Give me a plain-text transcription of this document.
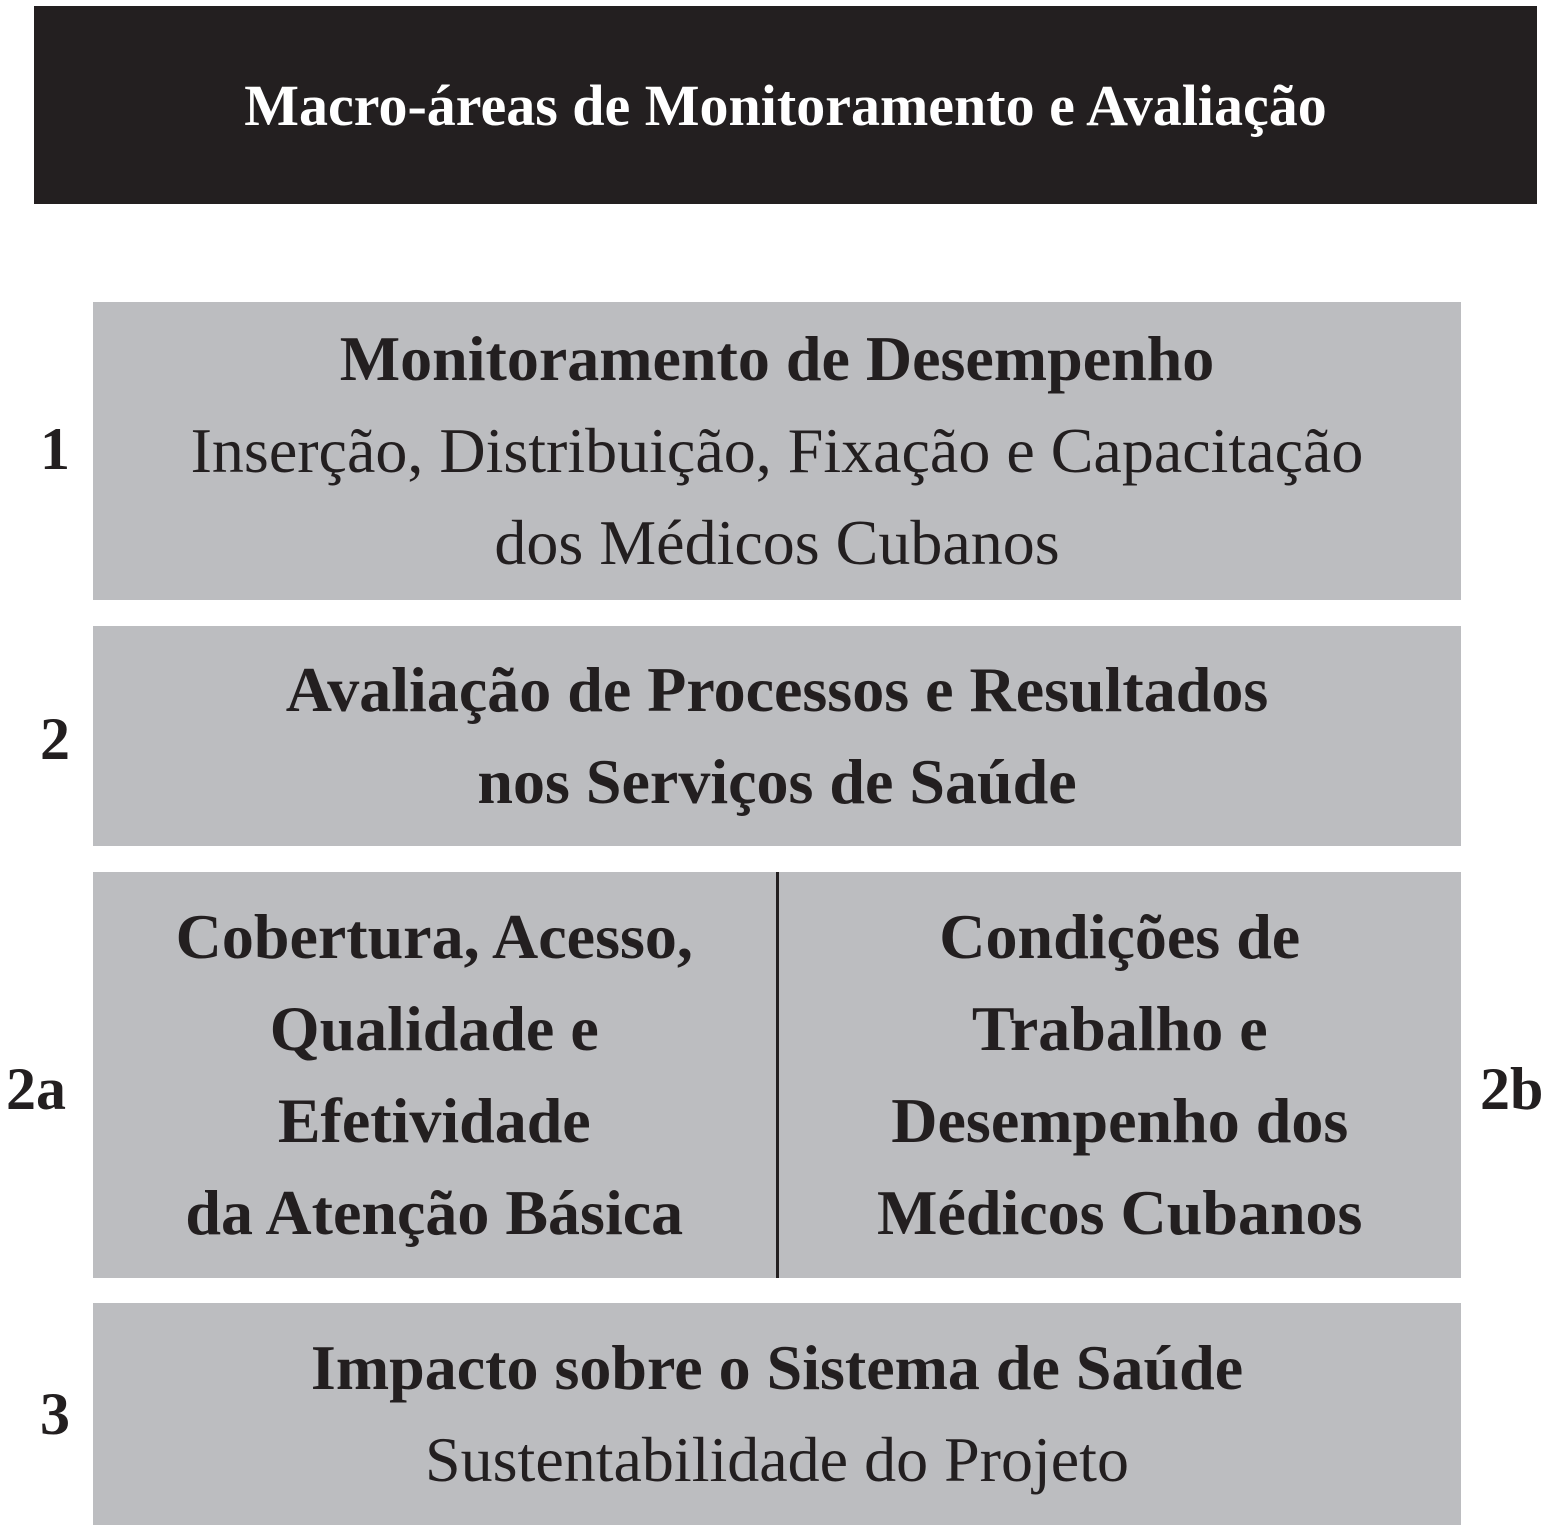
Macro-áreas de Monitoramento e Avaliação
1
Monitoramento de Desempenho
Inserção, Distribuição, Fixação e Capacitação
dos Médicos Cubanos
2
Avaliação de Processos e Resultados
nos Serviços de Saúde
2a	2b
Cobertura, Acesso,
Qualidade e
Efetividade
da Atenção Básica
Condições de
Trabalho e
Desempenho dos
Médicos Cubanos
3
Impacto sobre o Sistema de Saúde
Sustentabilidade do Projeto
